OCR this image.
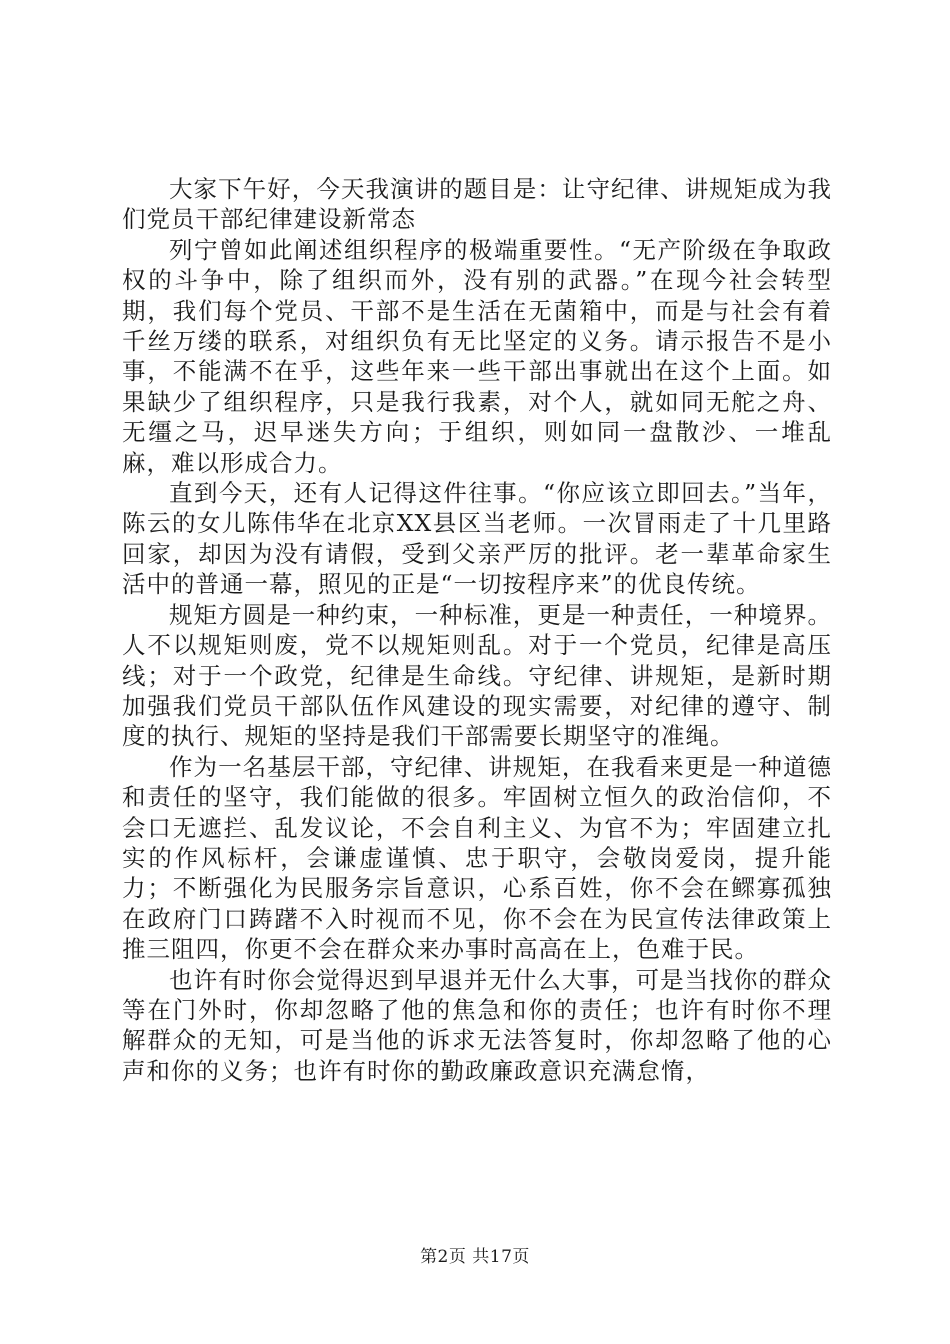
大家下午好，今天我演讲的题目是：让守纪律、讲规矩成为我们党员干部纪律建设新常态

列宁曾如此阐述组织程序的极端重要性。“无产阶级在争取政权的斗争中，除了组织而外，没有别的武器。”在现今社会转型期，我们每个党员、干部不是生活在无菌箱中，而是与社会有着千丝万缕的联系，对组织负有无比坚定的义务。请示报告不是小事，不能满不在乎，这些年来一些干部出事就出在这个上面。如果缺少了组织程序，只是我行我素，对个人，就如同无舵之舟、无缰之马，迟早迷失方向；于组织，则如同一盘散沙、一堆乱麻，难以形成合力。

直到今天，还有人记得这件往事。“你应该立即回去。”当年，陈云的女儿陈伟华在北京XX县区当老师。一次冒雨走了十几里路回家，却因为没有请假，受到父亲严厉的批评。老一辈革命家生活中的普通一幕，照见的正是“一切按程序来”的优良传统。

规矩方圆是一种约束，一种标准，更是一种责任，一种境界。人不以规矩则废，党不以规矩则乱。对于一个党员，纪律是高压线；对于一个政党，纪律是生命线。守纪律、讲规矩，是新时期加强我们党员干部队伍作风建设的现实需要，对纪律的遵守、制度的执行、规矩的坚持是我们干部需要长期坚守的准绳。

作为一名基层干部，守纪律、讲规矩，在我看来更是一种道德和责任的坚守，我们能做的很多。牢固树立恒久的政治信仰，不会口无遮拦、乱发议论，不会自利主义、为官不为；牢固建立扎实的作风标杆，会谦虚谨慎、忠于职守，会敬岗爱岗，提升能力；不断强化为民服务宗旨意识，心系百姓，你不会在鳏寡孤独在政府门口踌躇不入时视而不见，你不会在为民宣传法律政策上推三阻四，你更不会在群众来办事时高高在上，色难于民。

也许有时你会觉得迟到早退并无什么大事，可是当找你的群众等在门外时，你却忽略了他的焦急和你的责任；也许有时你不理解群众的无知，可是当他的诉求无法答复时，你却忽略了他的心声和你的义务；也许有时你的勤政廉政意识充满怠惰，

第2页 共17页
